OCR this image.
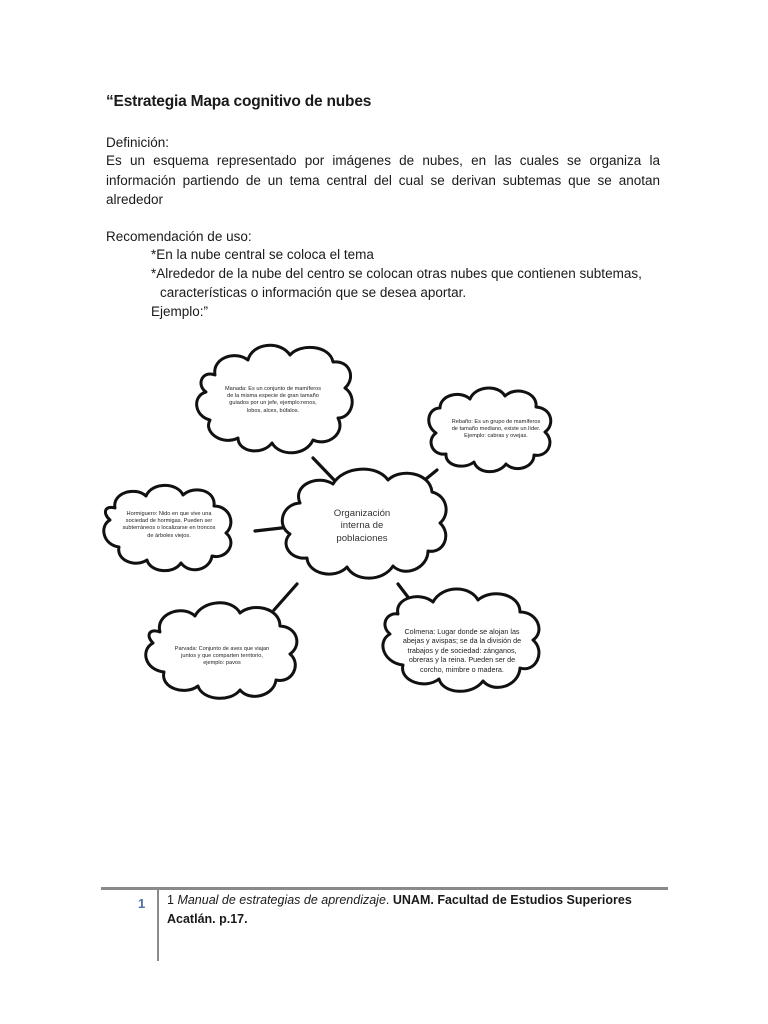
“Estrategia Mapa cognitivo de nubes
Definición:
Es un esquema representado por imágenes de nubes, en las cuales se organiza la información partiendo de un tema central del cual se derivan subtemas que se anotan alrededor
Recomendación de uso:
*En la nube central se coloca el tema
*Alrededor de la nube del centro se colocan otras nubes que contienen subtemas,
características o información que se desea aportar.
Ejemplo:”
Manada: Es un conjunto de mamíferos de la misma especie de gran tamaño guiados por un jefe, ejemplo:renos, lobos, alces, búfalos.
Rebaño: Es un grupo de mamíferos de tamaño mediano, existe un líder. Ejemplo: cabras y ovejas.
Hormiguero: Nido en que vive una sociedad de hormigas. Pueden ser subterráneos o localizarse en troncos de árboles viejos.
Organización interna de poblaciones
Parvada: Conjunto de aves que viajan juntos y que comparten territorio, ejemplo: pavos
Colmena: Lugar donde se alojan las abejas y avispas; se da la división de trabajos y de sociedad: zánganos, obreras y la reina. Pueden ser de corcho, mimbre o madera.
1 1 Manual de estrategias de aprendizaje. UNAM. Facultad de Estudios Superiores Acatlán. p.17.
